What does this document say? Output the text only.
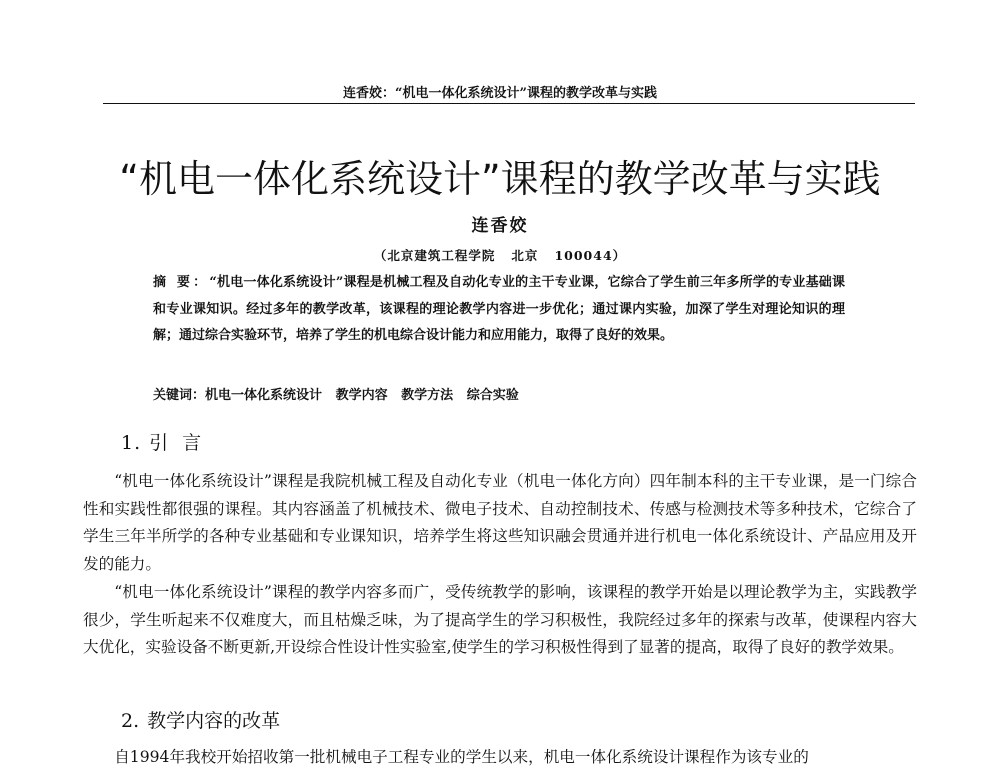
连香姣：“机电一体化系统设计”课程的教学改革与实践
“机电一体化系统设计”课程的教学改革与实践
连香姣
（北京建筑工程学院   北京   100044）
摘 要：“机电一体化系统设计”课程是机械工程及自动化专业的主干专业课，它综合了学生前三年多所学的专业基础课和专业课知识。经过多年的教学改革，该课程的理论教学内容进一步优化；通过课内实验，加深了学生对理论知识的理解；通过综合实验环节，培养了学生的机电综合设计能力和应用能力，取得了良好的效果。
关键词：机电一体化系统设计   教学内容   教学方法   综合实验
1. 引言
“机电一体化系统设计”课程是我院机械工程及自动化专业（机电一体化方向）四年制本科的主干专业课，是一门综合性和实践性都很强的课程。其内容涵盖了机械技术、微电子技术、自动控制技术、传感与检测技术等多种技术，它综合了学生三年半所学的各种专业基础和专业课知识，培养学生将这些知识融会贯通并进行机电一体化系统设计、产品应用及开发的能力。
“机电一体化系统设计”课程的教学内容多而广，受传统教学的影响，该课程的教学开始是以理论教学为主，实践教学很少，学生听起来不仅难度大，而且枯燥乏味，为了提高学生的学习积极性，我院经过多年的探索与改革，使课程内容大大优化，实验设备不断更新,开设综合性设计性实验室,使学生的学习积极性得到了显著的提高，取得了良好的教学效果。
2. 教学内容的改革
自1994年我校开始招收第一批机械电子工程专业的学生以来，机电一体化系统设计课程作为该专业的
